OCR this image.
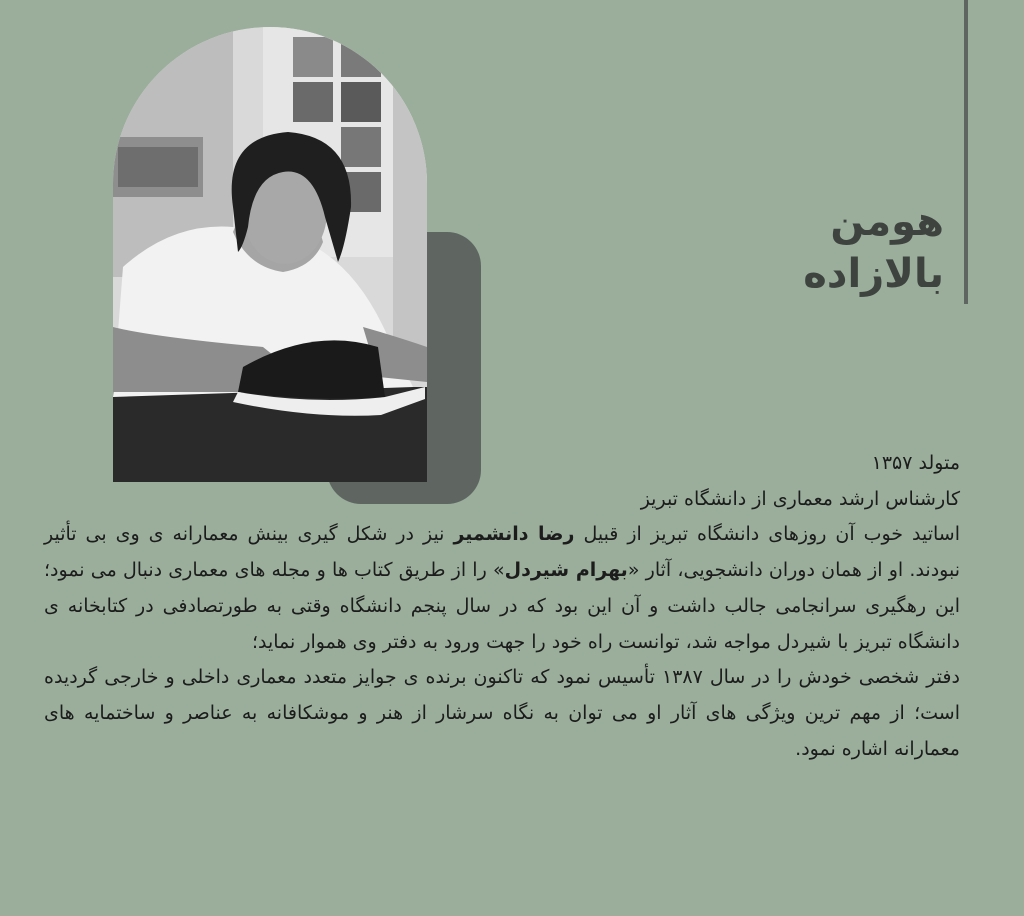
هومن
بالازاده

متولد ۱۳۵۷

کارشناس ارشد معماری از دانشگاه تبریز

اساتید خوب آن روزهای دانشگاه تبریز از قبیل رضا دانشمیر نیز در شکل گیری بینش معمارانه ی وی بی تأثیر نبودند. او از همان دوران دانشجویی، آثار «بهرام شیردل» را از طریق کتاب ها و مجله های معماری دنبال می نمود؛ این رهگیری سرانجامی جالب داشت و آن این بود که در سال پنجم دانشگاه وقتی به طورتصادفی در کتابخانه ی دانشگاه تبریز با شیردل مواجه شد، توانست راه خود را جهت ورود به دفتر وی هموار نماید؛

دفتر شخصی خودش را در سال ۱۳۸۷ تأسیس نمود که تاکنون برنده ی جوایز متعدد معماری داخلی و خارجی گردیده است؛ از مهم ترین ویژگی های آثار او می توان به نگاه سرشار از هنر و موشکافانه به عناصر و ساختمایه های معمارانه اشاره نمود.
